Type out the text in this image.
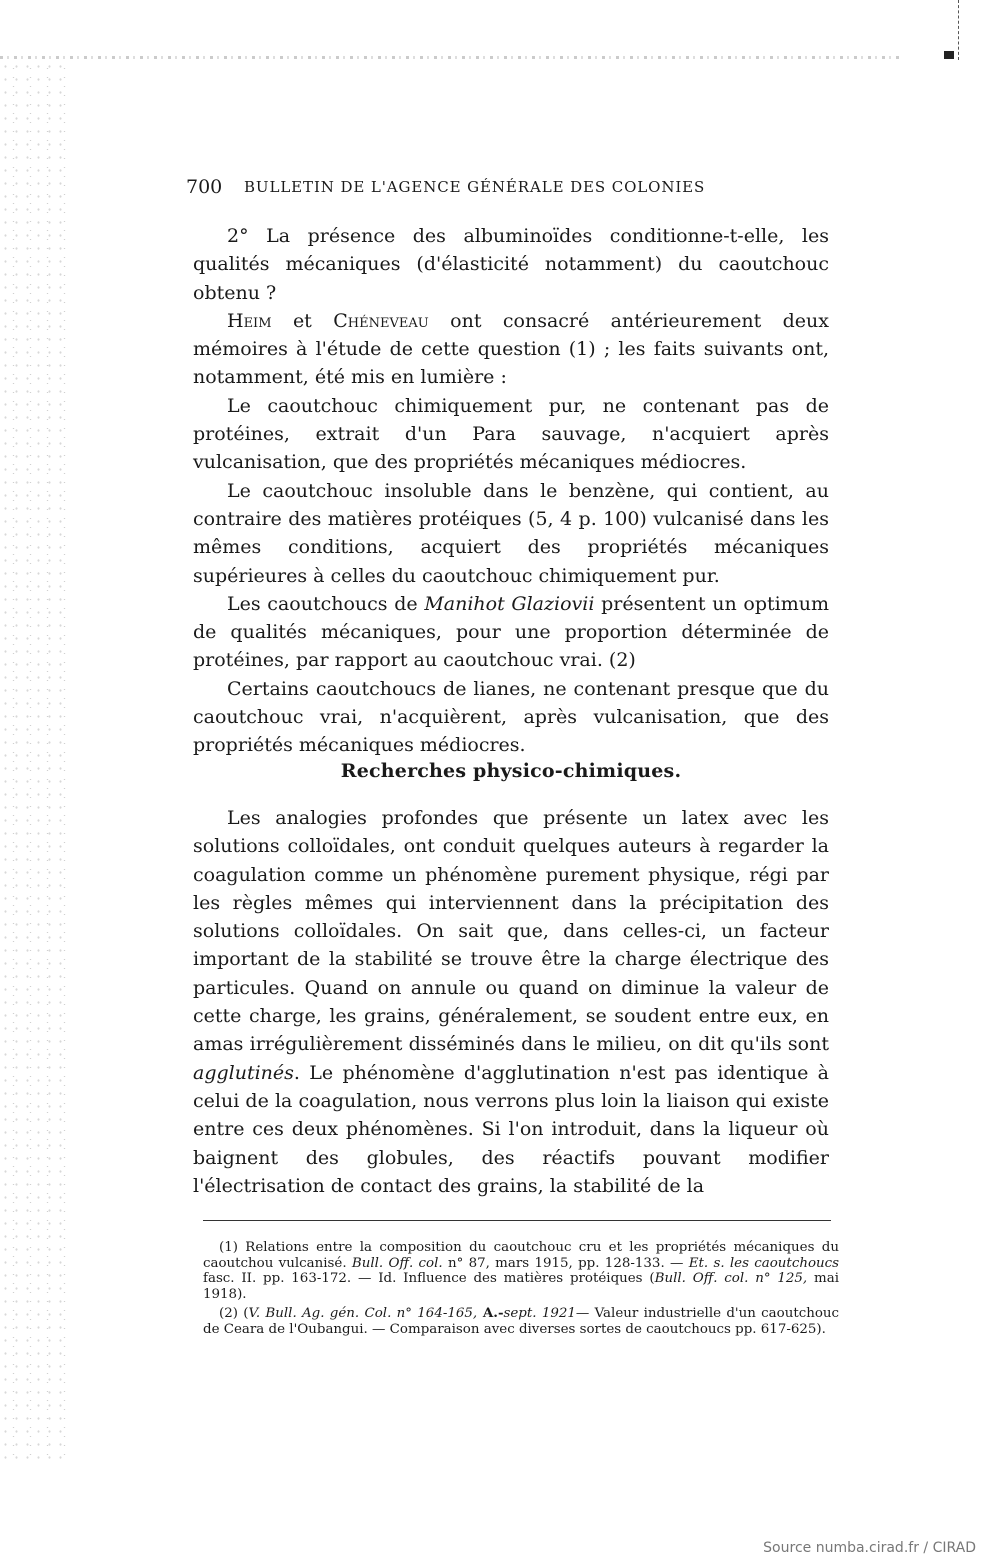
700 BULLETIN DE L'AGENCE GÉNÉRALE DES COLONIES

2° La présence des albuminoïdes conditionne-t-elle, les qualités mécaniques (d'élasticité notamment) du caoutchouc obtenu ?

Heim et Chéneveau ont consacré antérieurement deux mémoires à l'étude de cette question (1) ; les faits suivants ont, notamment, été mis en lumière :

Le caoutchouc chimiquement pur, ne contenant pas de protéines, extrait d'un Para sauvage, n'acquiert après vulcanisation, que des propriétés mécaniques médiocres.

Le caoutchouc insoluble dans le benzène, qui contient, au contraire des matières protéiques (5, 4 p. 100) vulcanisé dans les mêmes conditions, acquiert des propriétés mécaniques supérieures à celles du caoutchouc chimiquement pur.

Les caoutchoucs de Manihot Glaziovii présentent un optimum de qualités mécaniques, pour une proportion déterminée de protéines, par rapport au caoutchouc vrai. (2)

Certains caoutchoucs de lianes, ne contenant presque que du caoutchouc vrai, n'acquièrent, après vulcanisation, que des propriétés mécaniques médiocres.

Recherches physico-chimiques.

Les analogies profondes que présente un latex avec les solutions colloïdales, ont conduit quelques auteurs à regarder la coagulation comme un phénomène purement physique, régi par les règles mêmes qui interviennent dans la précipitation des solutions colloïdales. On sait que, dans celles-ci, un facteur important de la stabilité se trouve être la charge électrique des particules. Quand on annule ou quand on diminue la valeur de cette charge, les grains, généralement, se soudent entre eux, en amas irrégulièrement disséminés dans le milieu, on dit qu'ils sont agglutinés. Le phénomène d'agglutination n'est pas identique à celui de la coagulation, nous verrons plus loin la liaison qui existe entre ces deux phénomènes. Si l'on introduit, dans la liqueur où baignent des globules, des réactifs pouvant modifier l'électrisation de contact des grains, la stabilité de la

(1) Relations entre la composition du caoutchouc cru et les propriétés mécaniques du caoutchou vulcanisé. Bull. Off. col. n° 87, mars 1915, pp. 128-133. — Et. s. les caoutchoucs fasc. II. pp. 163-172. — Id. Influence des matières protéiques (Bull. Off. col. n° 125, mai 1918).

(2) (V. Bull. Ag. gén. Col. n° 164-165, A.-sept. 1921— Valeur industrielle d'un caoutchouc de Ceara de l'Oubangui. — Comparaison avec diverses sortes de caoutchoucs pp. 617-625).

Source numba.cirad.fr / CIRAD
